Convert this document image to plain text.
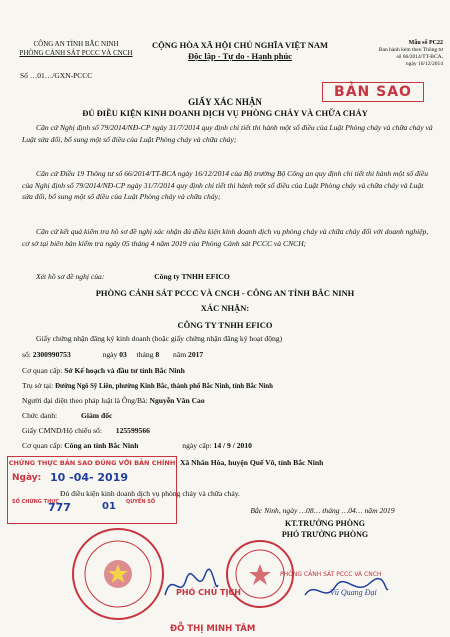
CÔNG AN TỈNH BẮC NINH
PHÒNG CẢNH SÁT PCCC VÀ CNCH
CỘNG HÒA XÃ HỘI CHỦ NGHĨA VIỆT NAM
Độc lập - Tự do - Hạnh phúc
Mẫu số PC22
Ban hành kèm theo Thông tư
số 66/2014/TT-BCA,
ngày 16/12/2014
Số …01…/GXN-PCCC
BẢN SAO
GIẤY XÁC NHẬN
ĐỦ ĐIỀU KIỆN KINH DOANH DỊCH VỤ PHÒNG CHÁY VÀ CHỮA CHÁY
Căn cứ Nghị định số 79/2014/NĐ-CP ngày 31/7/2014 quy định chi tiết thi hành một số điều của Luật Phòng cháy và chữa cháy và Luật sửa đổi, bổ sung một số điều của Luật Phòng cháy và chữa cháy;
Căn cứ Điều 19 Thông tư số 66/2014/TT-BCA ngày 16/12/2014 của Bộ trưởng Bộ Công an quy định chi tiết thi hành một số điều của Nghị định số 79/2014/NĐ-CP ngày 31/7/2014 quy định chi tiết thi hành một số điều của Luật Phòng cháy và chữa cháy và Luật sửa đổi, bổ sung một số điều của Luật Phòng cháy và chữa cháy;
Căn cứ kết quả kiểm tra hồ sơ đề nghị xác nhận đủ điều kiện kinh doanh dịch vụ phòng cháy và chữa cháy đối với doanh nghiệp, cơ sở tại biên bản kiểm tra ngày 05 tháng 4 năm 2019 của Phòng Cảnh sát PCCC và CNCH;
Xét hồ sơ đề nghị của:	Công ty TNHH EFICO
PHÒNG CẢNH SÁT PCCC VÀ CNCH - CÔNG AN TỈNH BẮC NINH
XÁC NHẬN:
CÔNG TY TNHH EFICO
Giấy chứng nhận đăng ký kinh doanh (hoặc giấy chứng nhận đăng ký hoạt động)
số: 2300990753	ngày 03 tháng 8 năm 2017
Cơ quan cấp: Sở Kế hoạch và đầu tư tỉnh Bắc Ninh
Trụ sở tại: Đường Ngô Sỹ Liên, phường Kinh Bắc, thành phố Bắc Ninh, tỉnh Bắc Ninh
Người đại diện theo pháp luật là Ông/Bà: Nguyễn Văn Cao
Chức danh:	Giám đốc
Giấy CMND/Hộ chiếu số: 125599566
Cơ quan cấp: Công an tỉnh Bắc Ninh	ngày cấp: 14 / 9 / 2010
Xã Nhân Hòa, huyện Quế Võ, tỉnh Bắc Ninh
Đủ điều kiện kinh doanh dịch vụ phòng cháy và chữa cháy.
Bắc Ninh, ngày …08… tháng …04… năm 2019
KT.TRƯỞNG PHÒNG
PHÓ TRƯỞNG PHÒNG
PHÒNG CẢNH SÁT PCCC VÀ CNCH
Vũ Quang Đại
CHỨNG THỰC BẢN SAO ĐÚNG VỚI BẢN CHÍNH
Ngày: 10 -04- 2019
SỐ CHỨNG THỰC
777	QUYỂN SỐ
01
PHÓ CHỦ TỊCH
ĐỖ THỊ MINH TÂM
